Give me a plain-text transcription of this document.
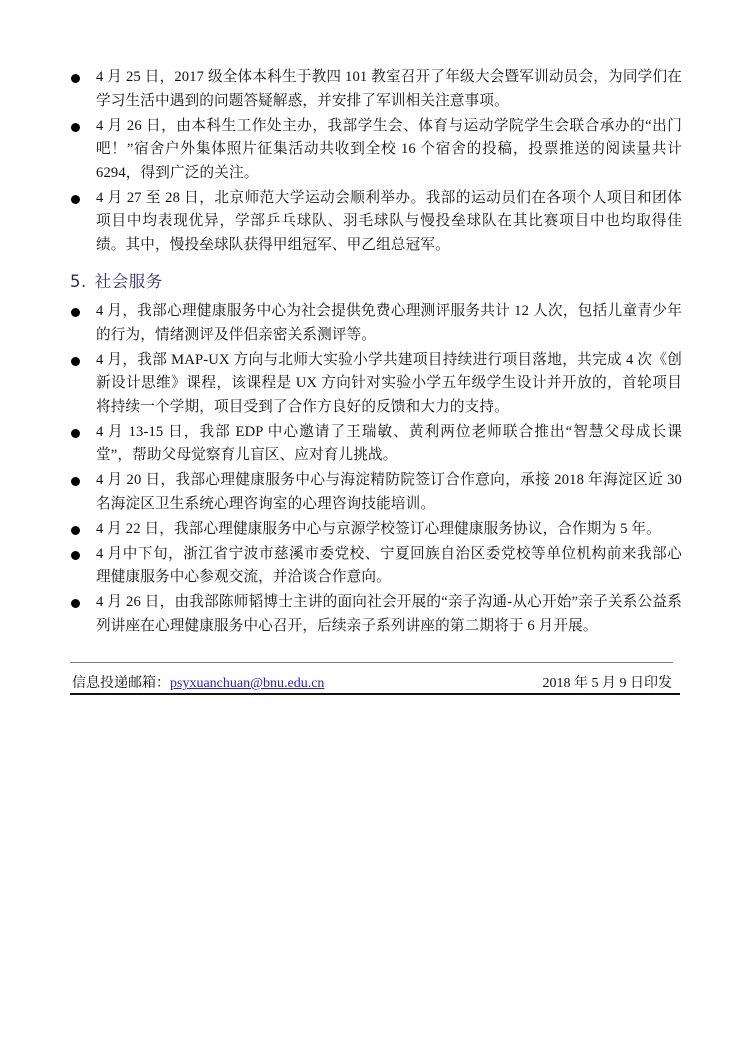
4 月 25 日，2017 级全体本科生于教四 101 教室召开了年级大会暨军训动员会，为同学们在学习生活中遇到的问题答疑解惑，并安排了军训相关注意事项。
4 月 26 日，由本科生工作处主办，我部学生会、体育与运动学院学生会联合承办的“出门吧！”宿舍户外集体照片征集活动共收到全校 16 个宿舍的投稿，投票推送的阅读量共计 6294，得到广泛的关注。
4 月 27 至 28 日，北京师范大学运动会顺利举办。我部的运动员们在各项个人项目和团体项目中均表现优异，学部乒乓球队、羽毛球队与慢投垒球队在其比赛项目中也均取得佳绩。其中，慢投垒球队获得甲组冠军、甲乙组总冠军。
5. 社会服务
4 月，我部心理健康服务中心为社会提供免费心理测评服务共计 12 人次，包括儿童青少年的行为，情绪测评及伴侣亲密关系测评等。
4 月，我部 MAP-UX 方向与北师大实验小学共建项目持续进行项目落地，共完成 4 次《创新设计思维》课程，该课程是 UX 方向针对实验小学五年级学生设计并开放的，首轮项目将持续一个学期，项目受到了合作方良好的反馈和大力的支持。
4 月 13-15 日，我部 EDP 中心邀请了王瑞敏、黄利两位老师联合推出“智慧父母成长课堂”，帮助父母觉察育儿盲区、应对育儿挑战。
4 月 20 日，我部心理健康服务中心与海淀精防院签订合作意向，承接 2018 年海淀区近 30 名海淀区卫生系统心理咨询室的心理咨询技能培训。
4 月 22 日，我部心理健康服务中心与京源学校签订心理健康服务协议，合作期为 5 年。
4 月中下旬，浙江省宁波市慈溪市委党校、宁夏回族自治区委党校等单位机构前来我部心理健康服务中心参观交流，并洽谈合作意向。
4 月 26 日，由我部陈师韬博士主讲的面向社会开展的“亲子沟通-从心开始”亲子关系公益系列讲座在心理健康服务中心召开，后续亲子系列讲座的第二期将于 6 月开展。
信息投递邮箱：psyxuanchuan@bnu.edu.cn	2018 年 5 月 9 日印发
